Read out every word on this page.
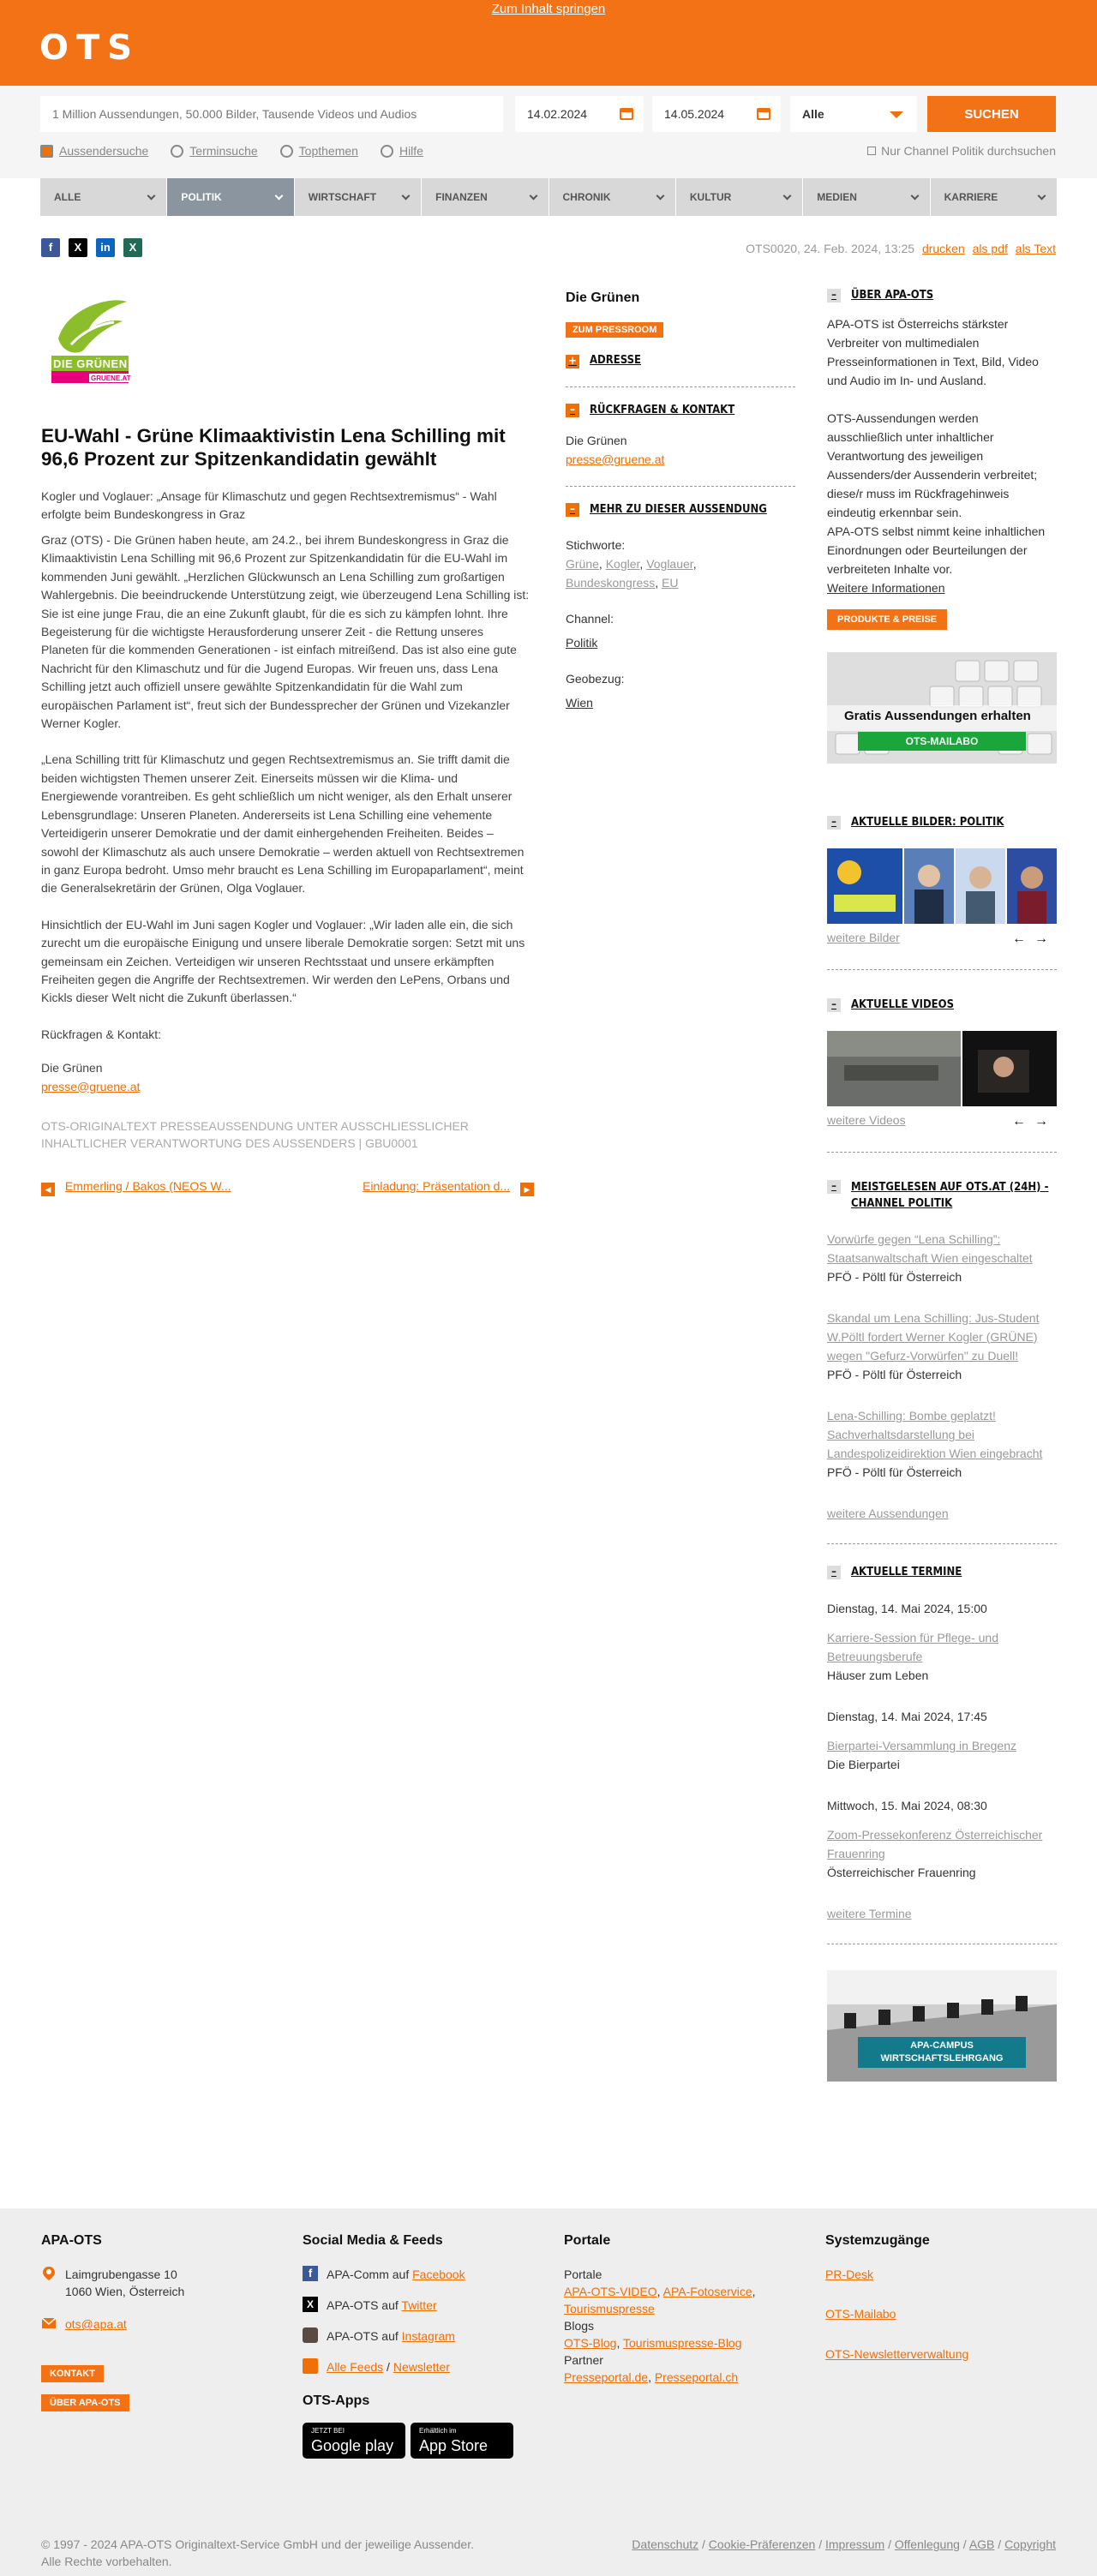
Zum Inhalt springen
OTS
1 Million Aussendungen, 50.000 Bilder, Tausende Videos und Audios
14.02.2024	14.05.2024	Alle	SUCHEN
Aussendersuche	Terminsuche	Topthemen	Hilfe	Nur Channel Politik durchsuchen
ALLE	POLITIK	WIRTSCHAFT	FINANZEN	CHRONIK	KULTUR	MEDIEN	KARRIERE
f	X	in	X	OTS0020, 24. Feb. 2024, 13:25 drucken als pdf als Text
DIE GRÜNEN
GRUENE.AT
EU-Wahl - Grüne Klimaaktivistin Lena Schilling mit 96,6 Prozent zur Spitzenkandidatin gewählt

Kogler und Voglauer: „Ansage für Klimaschutz und gegen Rechtsextremismus“ - Wahl erfolgte beim Bundeskongress in Graz

Graz (OTS) - Die Grünen haben heute, am 24.2., bei ihrem Bundeskongress in Graz die Klimaaktivistin Lena Schilling mit 96,6 Prozent zur Spitzenkandidatin für die EU-Wahl im kommenden Juni gewählt. „Herzlichen Glückwunsch an Lena Schilling zum großartigen Wahlergebnis. Die beeindruckende Unterstützung zeigt, wie überzeugend Lena Schilling ist: Sie ist eine junge Frau, die an eine Zukunft glaubt, für die es sich zu kämpfen lohnt. Ihre Begeisterung für die wichtigste Herausforderung unserer Zeit - die Rettung unseres Planeten für die kommenden Generationen - ist einfach mitreißend. Das ist also eine gute Nachricht für den Klimaschutz und für die Jugend Europas. Wir freuen uns, dass Lena Schilling jetzt auch offiziell unsere gewählte Spitzenkandidatin für die Wahl zum europäischen Parlament ist“, freut sich der Bundessprecher der Grünen und Vizekanzler Werner Kogler.

„Lena Schilling tritt für Klimaschutz und gegen Rechtsextremismus an. Sie trifft damit die beiden wichtigsten Themen unserer Zeit. Einerseits müssen wir die Klima- und Energiewende vorantreiben. Es geht schließlich um nicht weniger, als den Erhalt unserer Lebensgrundlage: Unseren Planeten. Andererseits ist Lena Schilling eine vehemente Verteidigerin unserer Demokratie und der damit einhergehenden Freiheiten. Beides – sowohl der Klimaschutz als auch unsere Demokratie – werden aktuell von Rechtsextremen in ganz Europa bedroht. Umso mehr braucht es Lena Schilling im Europaparlament“, meint die Generalsekretärin der Grünen, Olga Voglauer.

Hinsichtlich der EU-Wahl im Juni sagen Kogler und Voglauer: „Wir laden alle ein, die sich zurecht um die europäische Einigung und unsere liberale Demokratie sorgen: Setzt mit uns gemeinsam ein Zeichen. Verteidigen wir unseren Rechtsstaat und unsere erkämpften Freiheiten gegen die Angriffe der Rechtsextremen. Wir werden den LePens, Orbans und Kickls dieser Welt nicht die Zukunft überlassen.“

Rückfragen & Kontakt:

Die Grünen

presse@gruene.at

OTS-ORIGINALTEXT PRESSEAUSSENDUNG UNTER AUSSCHLIESSLICHER INHALTLICHER VERANTWORTUNG DES AUSSENDERS | GBU0001

◀ Emmerling / Bakos (NEOS W...	Einladung: Präsentation d... ▶
Die Grünen
ZUM PRESSROOM
+ ADRESSE
–	RÜCKFRAGEN & KONTAKT
Die Grünen
presse@gruene.at
–	MEHR ZU DIESER AUSSENDUNG
Stichworte:
Grüne, Kogler, Voglauer, Bundeskongress, EU
Channel:
Politik
Geobezug:
Wien
–	ÜBER APA-OTS

APA-OTS ist Österreichs stärkster Verbreiter von multimedialen Presseinformationen in Text, Bild, Video und Audio im In- und Ausland.

OTS-Aussendungen werden ausschließlich unter inhaltlicher Verantwortung des jeweiligen Aussenders/der Aussenderin verbreitet; diese/r muss im Rückfragehinweis eindeutig erkennbar sein.

APA-OTS selbst nimmt keine inhaltlichen Einordnungen oder Beurteilungen der verbreiteten Inhalte vor.

Weitere Informationen
PRODUKTE & PREISE
Gratis Aussendungen erhalten
OTS-MAILABO
–	AKTUELLE BILDER: POLITIK
weitere Bilder	←→
–	AKTUELLE VIDEOS
weitere Videos	←→
–	MEISTGELESEN AUF OTS.AT (24H) -
CHANNEL POLITIK
Vorwürfe gegen “Lena Schilling”: Staatsanwaltschaft Wien eingeschaltet
PFÖ - Pöltl für Österreich
Skandal um Lena Schilling: Jus-Student W.Pöltl fordert Werner Kogler (GRÜNE) wegen "Gefurz-Vorwürfen" zu Duell!
PFÖ - Pöltl für Österreich
Lena-Schilling: Bombe geplatzt! Sachverhaltsdarstellung bei Landespolizeidirektion Wien eingebracht
PFÖ - Pöltl für Österreich
weitere Aussendungen
–	AKTUELLE TERMINE
Dienstag, 14. Mai 2024, 15:00
Karriere-Session für Pflege- und Betreuungsberufe
Häuser zum Leben
Dienstag, 14. Mai 2024, 17:45
Bierpartei-Versammlung in Bregenz
Die Bierpartei
Mittwoch, 15. Mai 2024, 08:30
Zoom-Pressekonferenz Österreichischer Frauenring
Österreichischer Frauenring
weitere Termine
APA-CAMPUS
WIRTSCHAFTSLEHRGANG
APA-OTS
Laimgrubengasse 10
1060 Wien, Österreich
ots@apa.at
KONTAKT
ÜBER APA-OTS
Social Media & Feeds
f	APA-Comm auf Facebook
X	APA-OTS auf Twitter
APA-OTS auf Instagram
Alle Feeds / Newsletter
OTS-Apps
JETZT BEI
Google play
Erhältlich im
App Store
Portale
Portale
APA-OTS-VIDEO, APA-Fotoservice,
Tourismuspresse
Blogs
OTS-Blog, Tourismuspresse-Blog
Partner
Presseportal.de, Presseportal.ch
Systemzugänge
PR-Desk
OTS-Mailabo
OTS-Newsletterverwaltung
© 1997 - 2024 APA-OTS Originaltext-Service GmbH und der jeweilige Aussender.
Alle Rechte vorbehalten.
Datenschutz / Cookie-Präferenzen / Impressum / Offenlegung / AGB / Copyright
